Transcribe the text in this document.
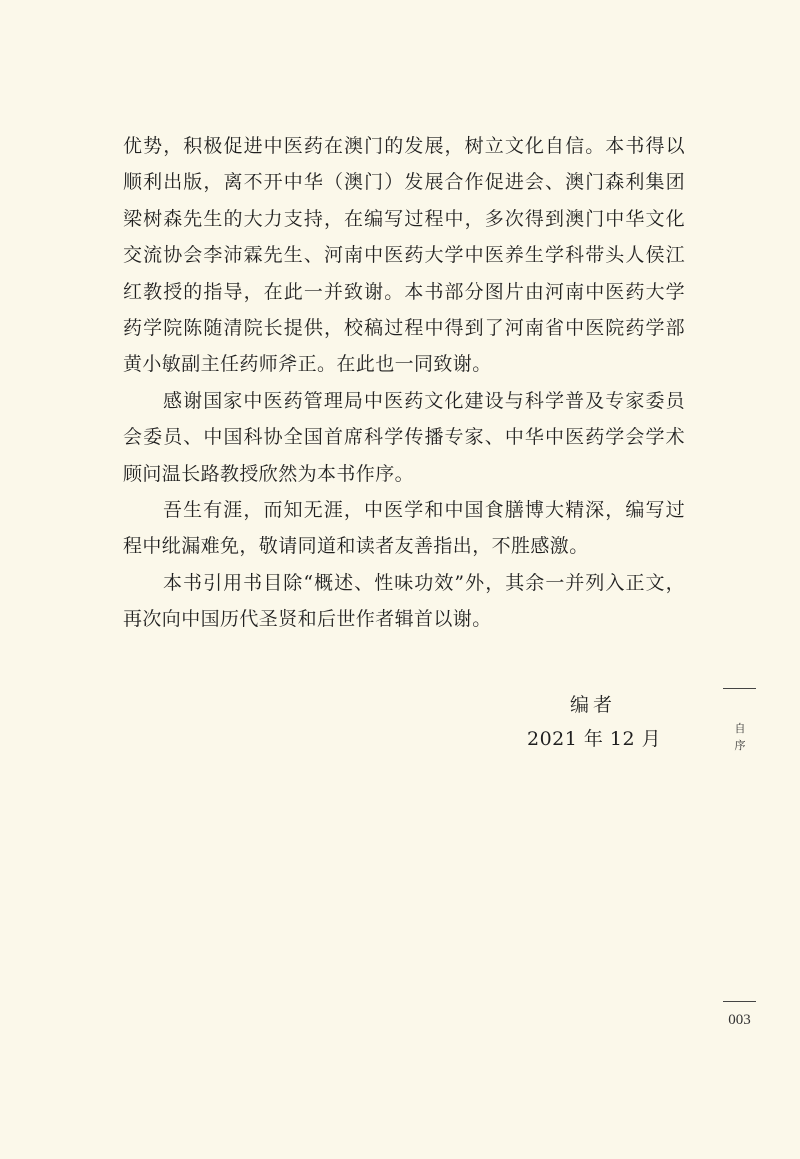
优势，积极促进中医药在澳门的发展，树立文化自信。本书得以顺利出版，离不开中华（澳门）发展合作促进会、澳门森利集团梁树森先生的大力支持，在编写过程中，多次得到澳门中华文化交流协会李沛霖先生、河南中医药大学中医养生学科带头人侯江红教授的指导，在此一并致谢。本书部分图片由河南中医药大学药学院陈随清院长提供，校稿过程中得到了河南省中医院药学部黄小敏副主任药师斧正。在此也一同致谢。

感谢国家中医药管理局中医药文化建设与科学普及专家委员会委员、中国科协全国首席科学传播专家、中华中医药学会学术顾问温长路教授欣然为本书作序。

吾生有涯，而知无涯，中医学和中国食膳博大精深，编写过程中纰漏难免，敬请同道和读者友善指出，不胜感激。

本书引用书目除“概述、性味功效”外，其余一并列入正文，再次向中国历代圣贤和后世作者辑首以谢。

编者
2021 年 12 月	自序
003
